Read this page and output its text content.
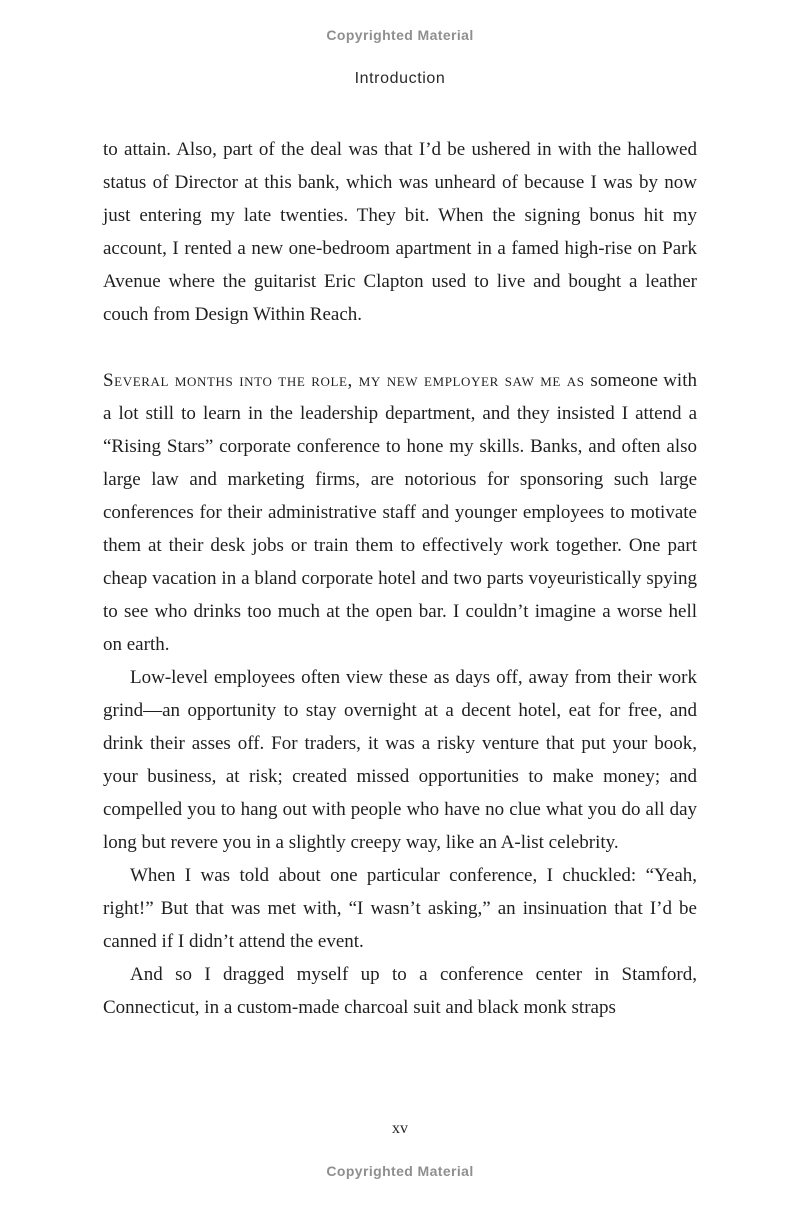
Copyrighted Material
Introduction

to attain. Also, part of the deal was that I’d be ushered in with the hallowed status of Director at this bank, which was unheard of because I was by now just entering my late twenties. They bit. When the signing bonus hit my account, I rented a new one-bedroom apartment in a famed high-rise on Park Avenue where the guitarist Eric Clapton used to live and bought a leather couch from Design Within Reach.

Several months into the role, my new employer saw me as someone with a lot still to learn in the leadership department, and they insisted I attend a “Rising Stars” corporate conference to hone my skills. Banks, and often also large law and marketing firms, are notorious for sponsoring such large conferences for their administrative staff and younger employees to motivate them at their desk jobs or train them to effectively work together. One part cheap vacation in a bland corporate hotel and two parts voyeuristically spying to see who drinks too much at the open bar. I couldn’t imagine a worse hell on earth.

Low-level employees often view these as days off, away from their work grind—an opportunity to stay overnight at a decent hotel, eat for free, and drink their asses off. For traders, it was a risky venture that put your book, your business, at risk; created missed opportunities to make money; and compelled you to hang out with people who have no clue what you do all day long but revere you in a slightly creepy way, like an A-list celebrity.

When I was told about one particular conference, I chuckled: “Yeah, right!” But that was met with, “I wasn’t asking,” an insinuation that I’d be canned if I didn’t attend the event.

And so I dragged myself up to a conference center in Stamford, Connecticut, in a custom-made charcoal suit and black monk straps

xv
Copyrighted Material
